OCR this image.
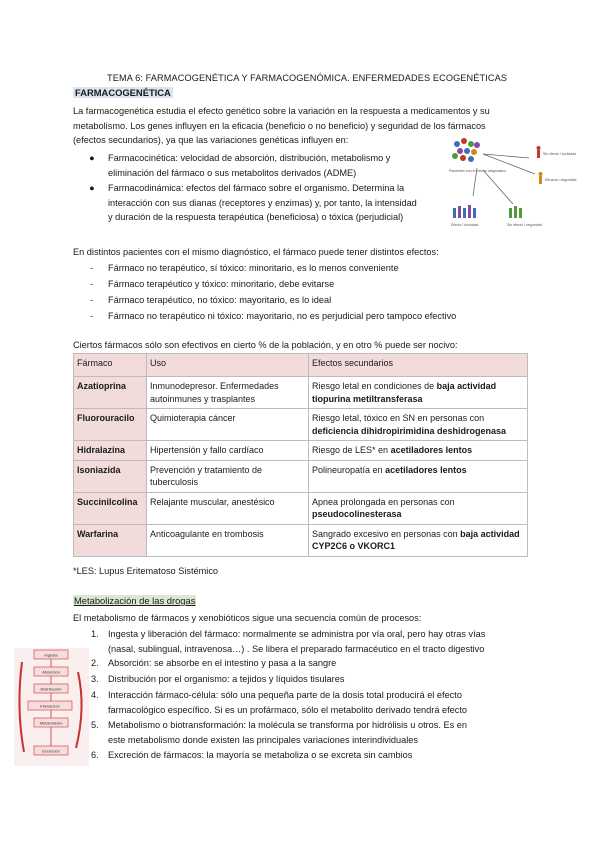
TEMA 6: FARMACOGENÉTICA Y FARMACOGENÓMICA. ENFERMEDADES ECOGENÉTICAS
FARMACOGENÉTICA
La farmacogenética estudia el efecto genético sobre la variación en la respuesta a medicamentos y su
metabolismo. Los genes influyen en la eficacia (beneficio o no beneficio) y seguridad de los fármacos
(efectos secundarios), ya que las variaciones genéticas influyen en:
●	Farmacocinética: velocidad de absorción, distribución, metabolismo y
eliminación del fármaco o sus metabolitos derivados (ADME)
●	Farmacodinámica: efectos del fármaco sobre el organismo. Determina la
interacción con sus dianas (receptores y enzimas) y, por tanto, la intensidad
y duración de la respuesta terapéutica (beneficiosa) o tóxica (perjudicial)
Pacientes con el mismo diagnóstico
Sin efecto / toxicidad
Eficacia / seguridad
Efecto / toxicidad	Sin efecto / seguridad
En distintos pacientes con el mismo diagnóstico, el fármaco puede tener distintos efectos:
- Fármaco no terapéutico, sí tóxico: minoritario, es lo menos conveniente
- Fármaco terapéutico y tóxico: minoritario, debe evitarse
- Fármaco terapéutico, no tóxico: mayoritario, es lo ideal
- Fármaco no terapéutico ni tóxico: mayoritario, no es perjudicial pero tampoco efectivo
Ciertos fármacos sólo son efectivos en cierto % de la población, y en otro % puede ser nocivo:
Fármaco	Uso	Efectos secundarios
Azatioprina	Inmunodepresor. Enfermedades autoinmunes y trasplantes	Riesgo letal en condiciones de baja actividad tiopurina metiltransferasa
Fluorouracilo	Quimioterapia cáncer	Riesgo letal, tóxico en SN en personas con deficiencia dihidropirimidina deshidrogenasa
Hidralazina	Hipertensión y fallo cardíaco	Riesgo de LES* en acetiladores lentos
Isoniazida	Prevención y tratamiento de tuberculosis	Polineuropatía en acetiladores lentos
Succinilcolina	Relajante muscular, anestésico	Apnea prolongada en personas con pseudocolinesterasa
Warfarina	Anticoagulante en trombosis	Sangrado excesivo en personas con baja actividad CYP2C6 o VKORC1
*LES: Lupus Eritematoso Sistémico
Metabolización de las drogas
El metabolismo de fármacos y xenobióticos sigue una secuencia común de procesos:
1. Ingesta y liberación del fármaco: normalmente se administra por vía oral, pero hay otras vías
(nasal, sublingual, intravenosa…) . Se libera el preparado farmacéutico en el tracto digestivo
2. Absorción: se absorbe en el intestino y pasa a la sangre
3. Distribución por el organismo: a tejidos y líquidos tisulares
4. Interacción fármaco-célula: sólo una pequeña parte de la dosis total producirá el efecto
farmacológico específico. Si es un profármaco, sólo el metabolito derivado tendrá efecto
5. Metabolismo o biotransformación: la molécula se transforma por hidrólisis u otros. Es en
este metabolismo donde existen las principales variaciones interindividuales
6. Excreción de fármacos: la mayoría se metaboliza o se excreta sin cambios
Ingesta
Absorción
Distribución
Interacción
Metabolismo
Excreción
